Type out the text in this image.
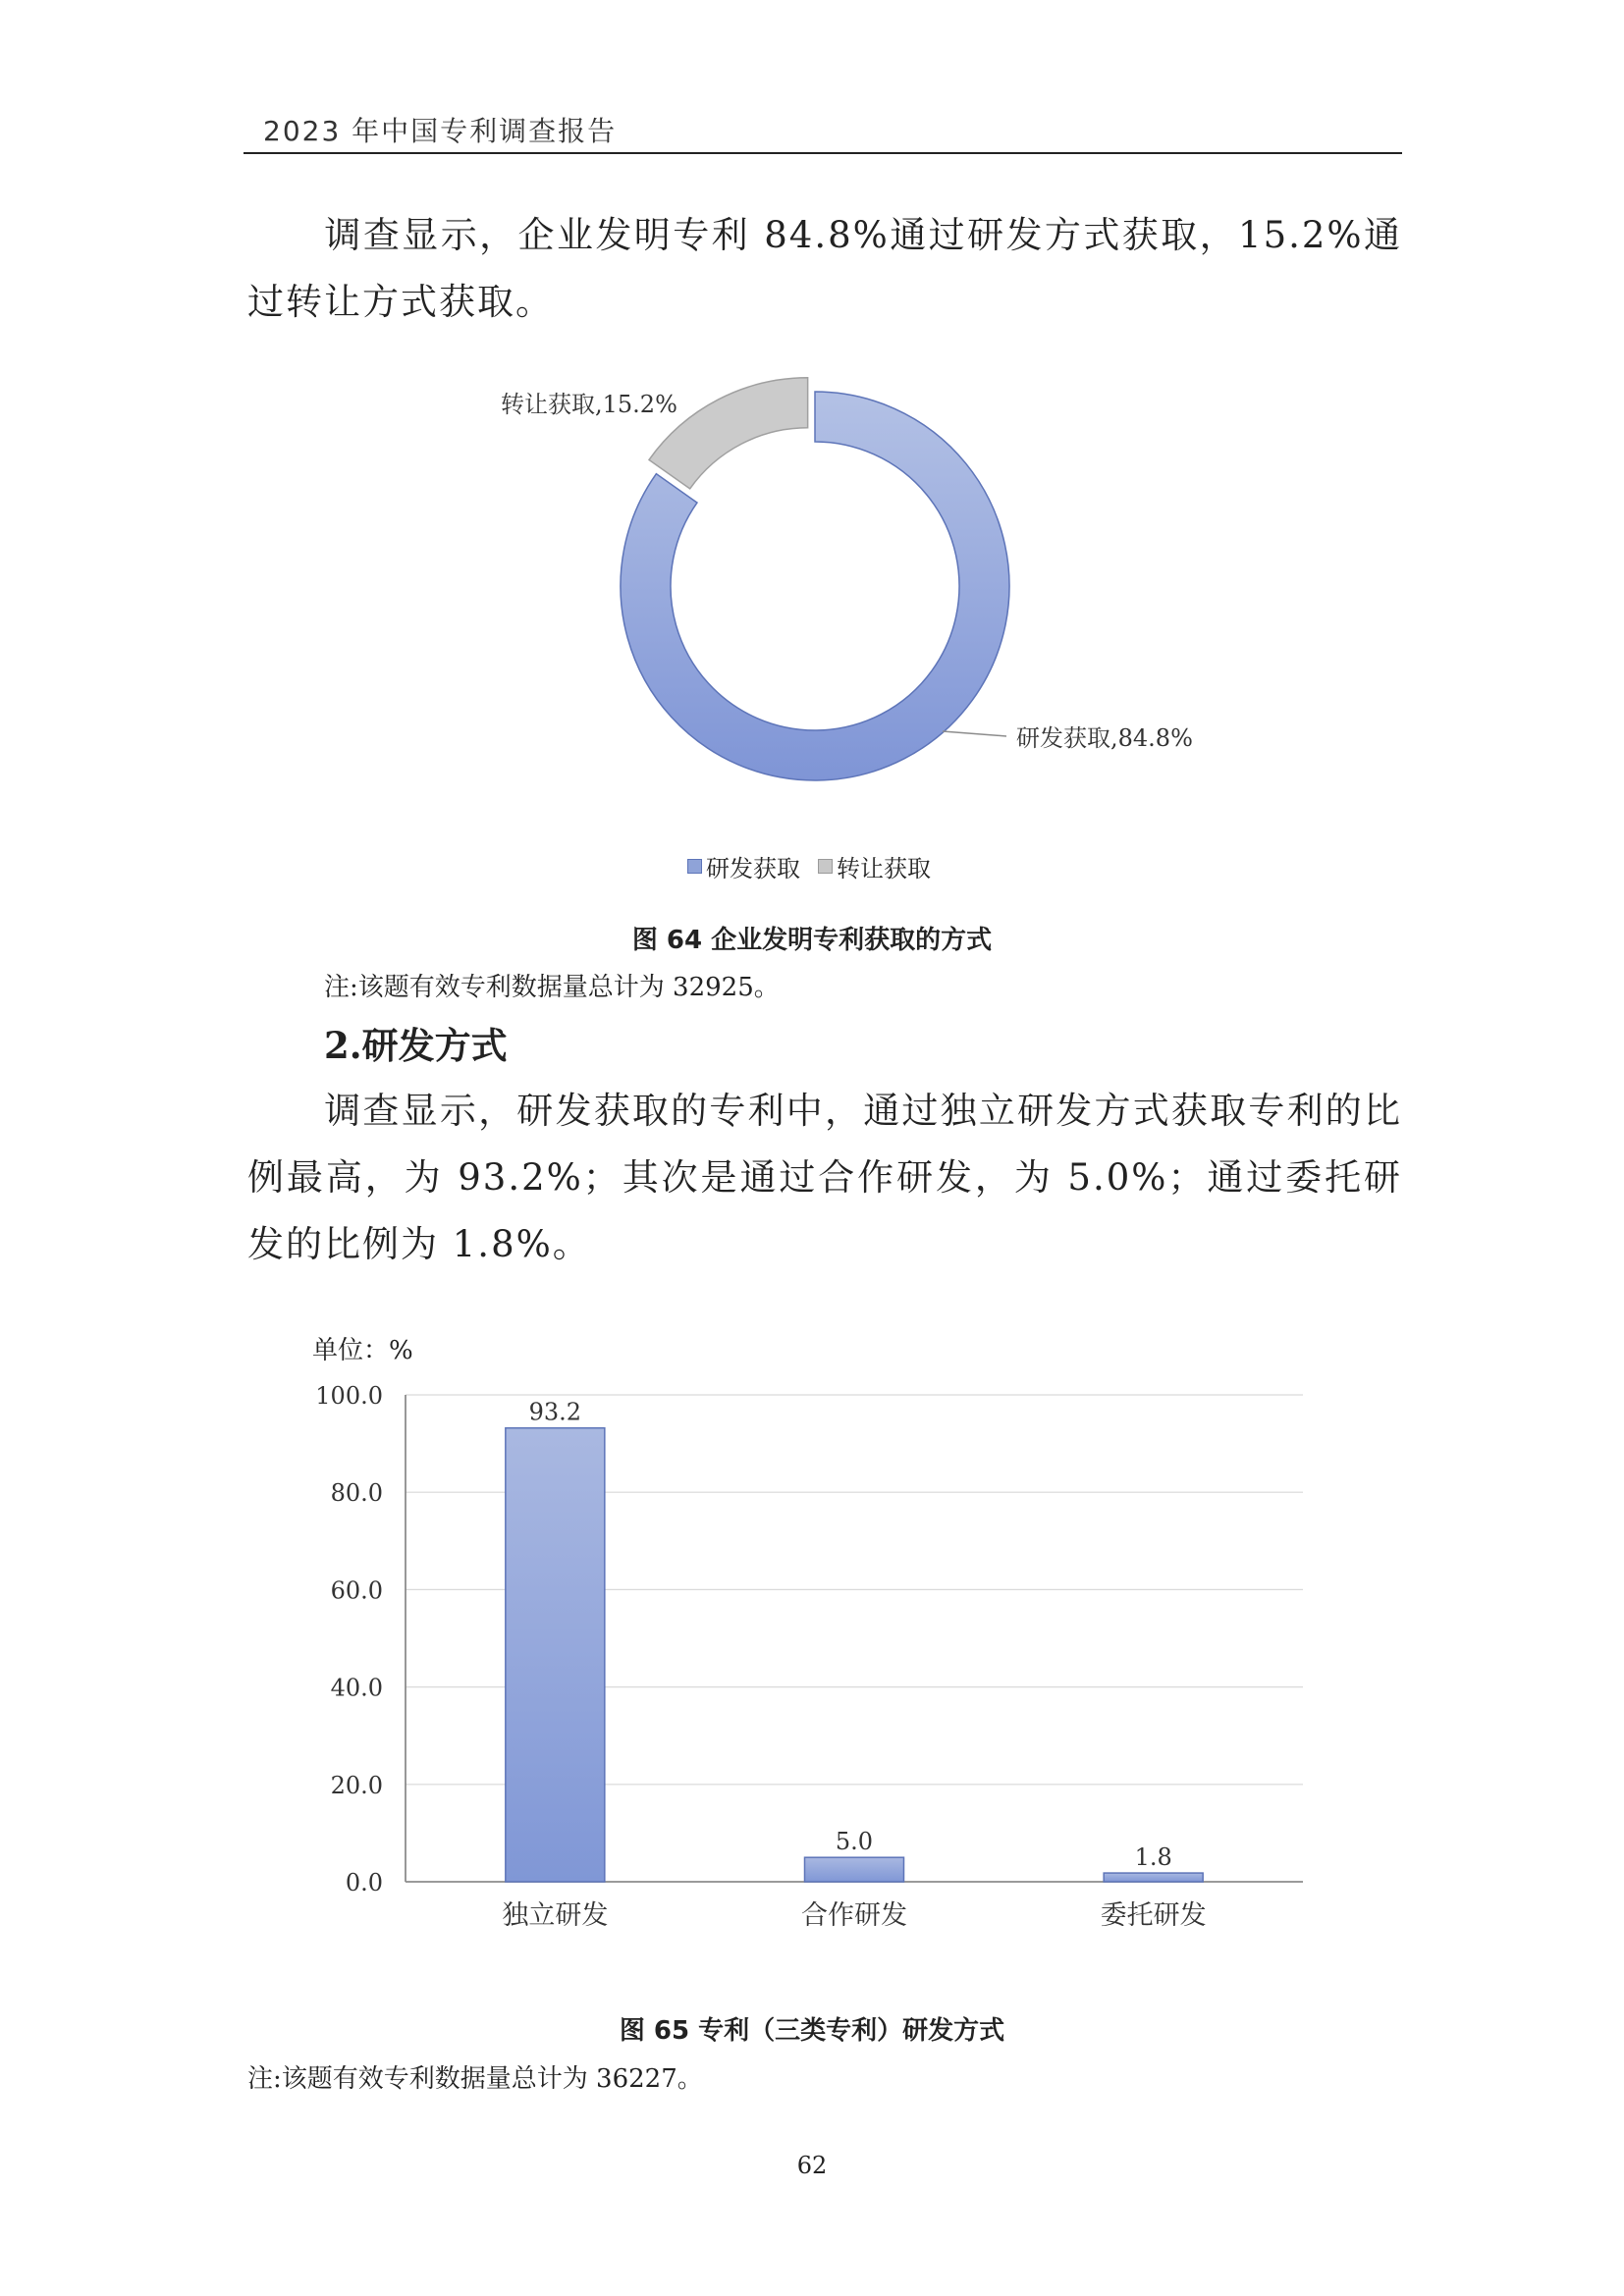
2023 年中国专利调查报告
调查显示，企业发明专利 84.8%通过研发方式获取，15.2%通过转让方式获取。
研发获取,84.8%
转让获取,15.2%
研发获取 转让获取
图 64 企业发明专利获取的方式
注:该题有效专利数据量总计为 32925。
2.研发方式
调查显示，研发获取的专利中，通过独立研发方式获取专利的比例最高，为 93.2%；其次是通过合作研发，为 5.0%；通过委托研发的比例为 1.8%。
单位：%
0.0
20.0
40.0
60.0
80.0
100.0
93.2
独立研发
5.0
合作研发
1.8
委托研发
图 65 专利（三类专利）研发方式
注:该题有效专利数据量总计为 36227。
62
